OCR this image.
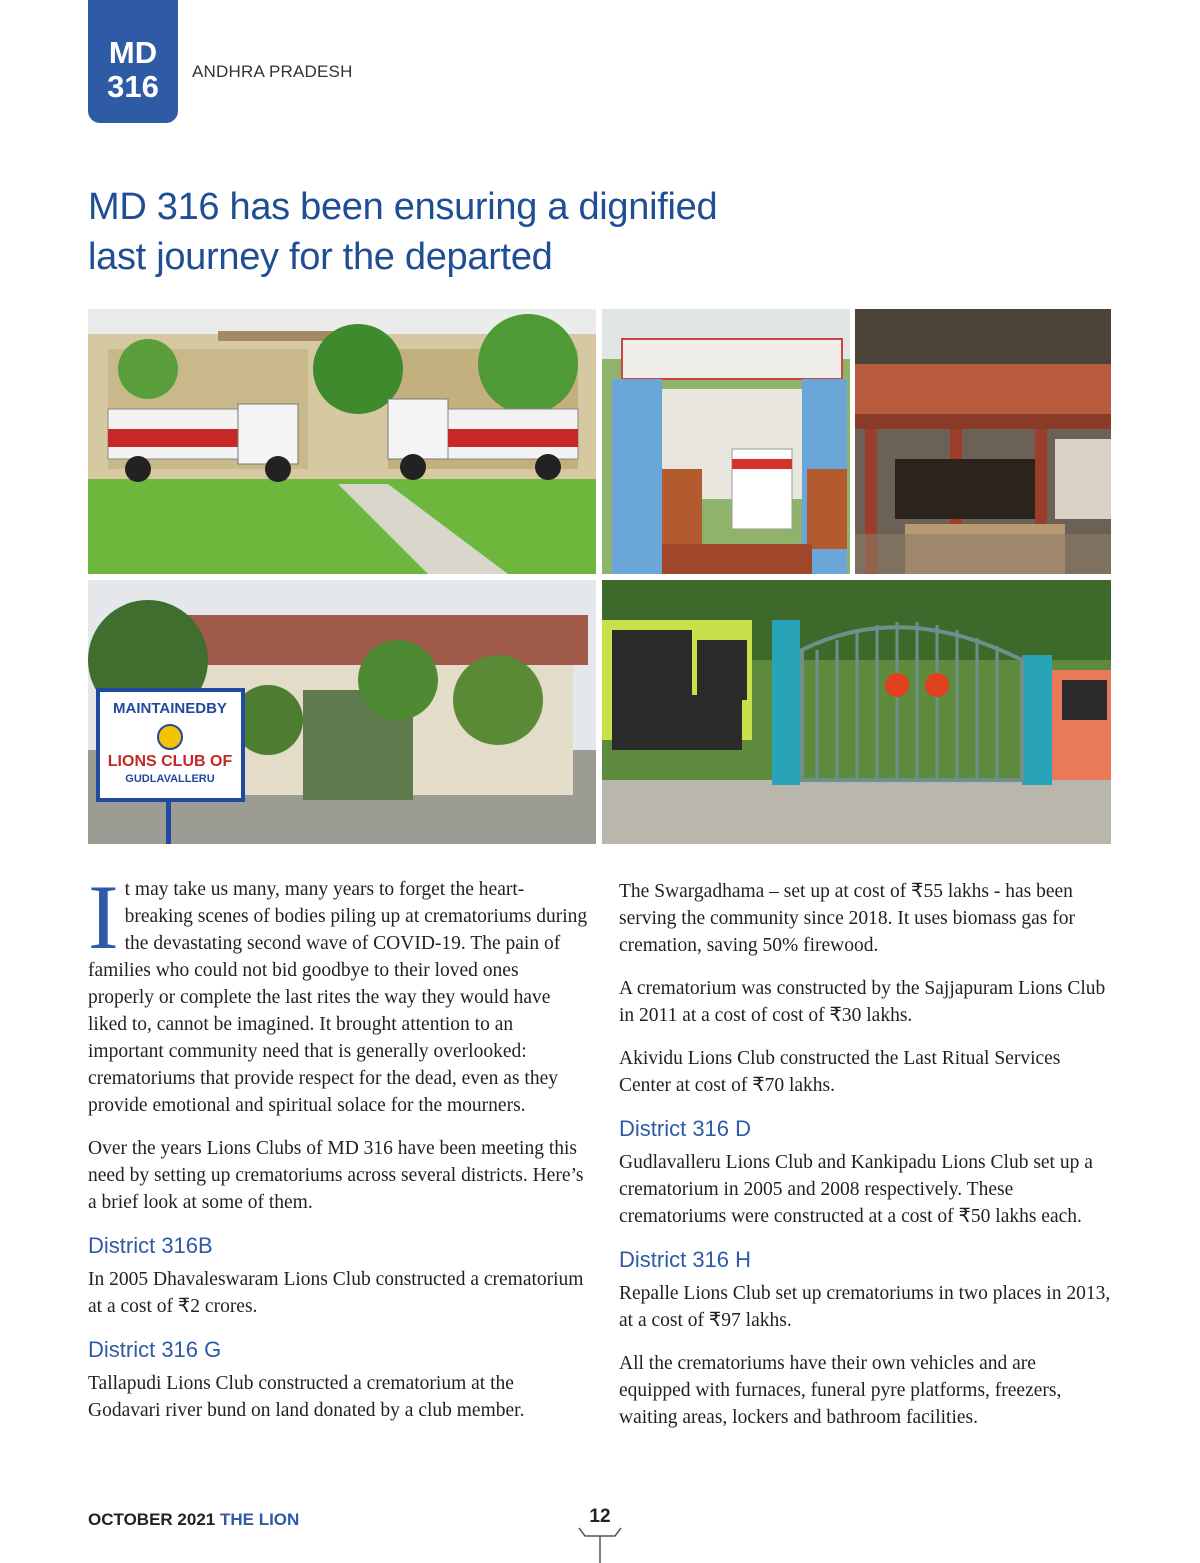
MD
316	ANDHRA PRADESH
MD 316 has been ensuring a dignified
last journey for the departed
MAINTAINEDBY
LIONS CLUB OF
GUDLAVALLERU

It may take us many, many years to forget the heart-breaking scenes of bodies piling up at crematoriums during the devastating second wave of COVID-19. The pain of families who could not bid goodbye to their loved ones properly or complete the last rites the way they would have liked to, cannot be imagined. It brought attention to an important community need that is generally overlooked: crematoriums that provide respect for the dead, even as they provide emotional and spiritual solace for the mourners.

Over the years Lions Clubs of MD 316 have been meeting this need by setting up crematoriums across several districts. Here’s a brief look at some of them.

District 316B

In 2005 Dhavaleswaram Lions Club constructed a crematorium at a cost of ₹2 crores.

District 316 G

Tallapudi Lions Club constructed a crematorium at the Godavari river bund on land donated by a club member.

The Swargadhama – set up at cost of ₹55 lakhs - has been serving the community since 2018. It uses biomass gas for cremation, saving 50% firewood.

A crematorium was constructed by the Sajjapuram Lions Club in 2011 at a cost of cost of ₹30 lakhs.

Akividu Lions Club constructed the Last Ritual Services Center at cost of ₹70 lakhs.

District 316 D

Gudlavalleru Lions Club and Kankipadu Lions Club set up a crematorium in 2005 and 2008 respectively. These crematoriums were constructed at a cost of ₹50 lakhs each.

District 316 H

Repalle Lions Club set up crematoriums in two places in 2013, at a cost of ₹97 lakhs.

All the crematoriums have their own vehicles and are equipped with furnaces, funeral pyre platforms, freezers, waiting areas, lockers and bathroom facilities.

OCTOBER 2021 THE LION	12
